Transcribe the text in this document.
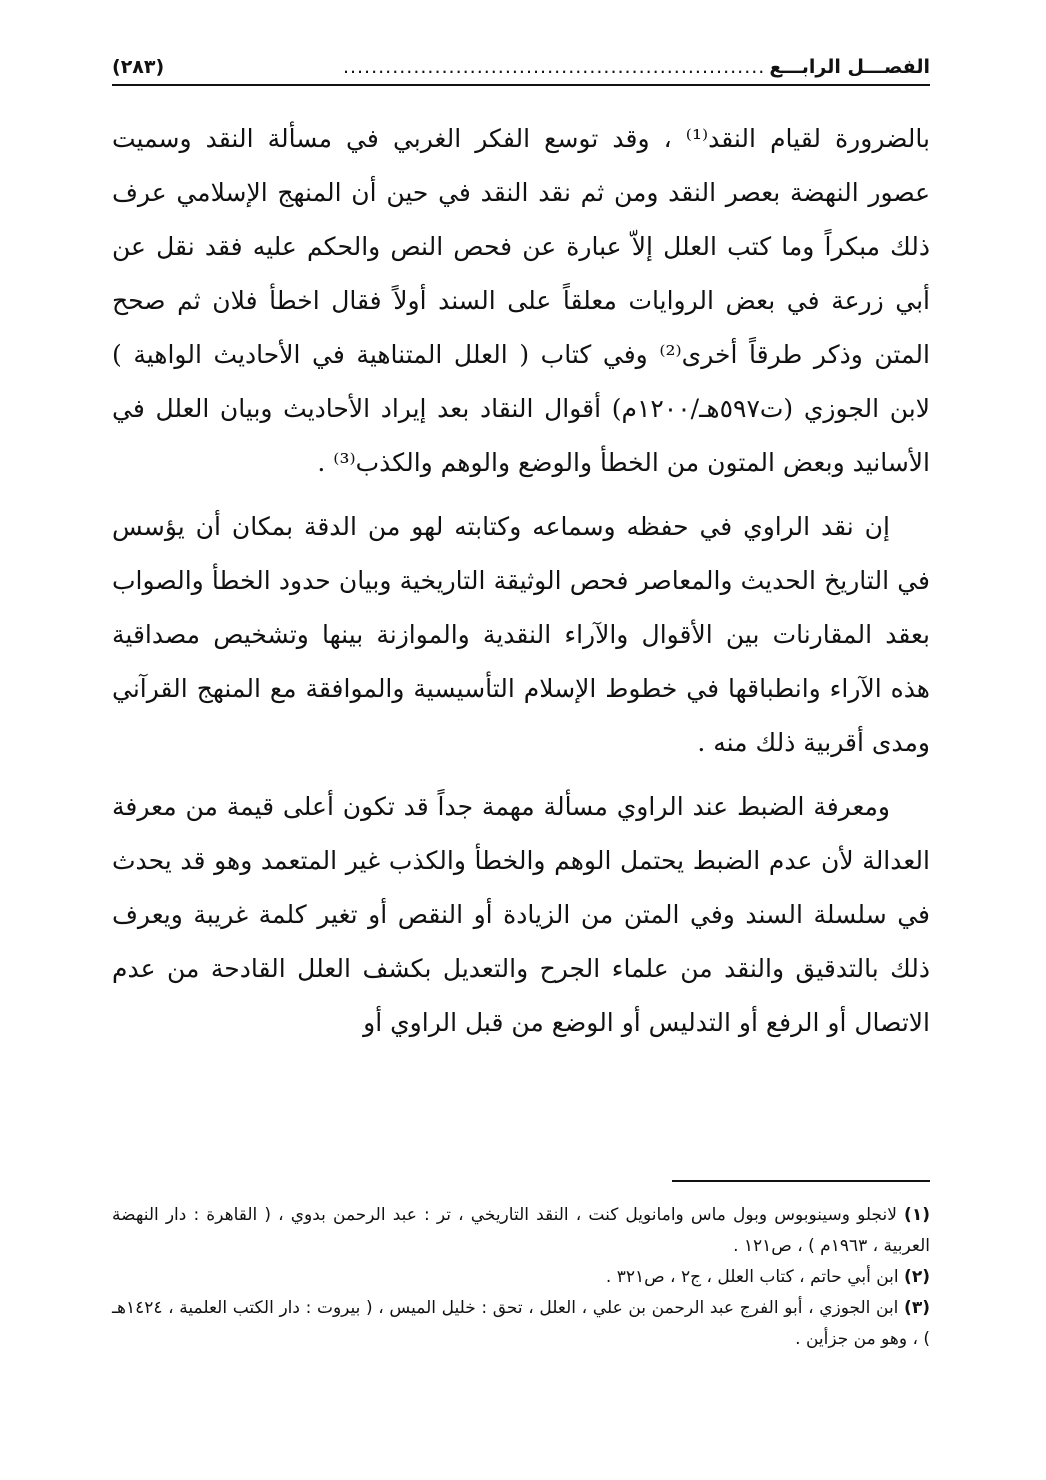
الفصـــل الرابـــع
............................................................
(٢٨٣)

بالضرورة لقيام النقد⁽¹⁾ ، وقد توسع الفكر الغربي في مسألة النقد وسميت عصور النهضة بعصر النقد ومن ثم نقد النقد في حين أن المنهج الإسلامي عرف ذلك مبكراً وما كتب العلل إلاّ عبارة عن فحص النص والحكم عليه فقد نقل عن أبي زرعة في بعض الروايات معلقاً على السند أولاً فقال اخطأ فلان ثم صحح المتن وذكر طرقاً أخرى⁽²⁾ وفي كتاب ( العلل المتناهية في الأحاديث الواهية ) لابن الجوزي (ت٥٩٧هـ/١٢٠٠م) أقوال النقاد بعد إيراد الأحاديث وبيان العلل في الأسانيد وبعض المتون من الخطأ والوضع والوهم والكذب⁽³⁾ .

إن نقد الراوي في حفظه وسماعه وكتابته لهو من الدقة بمكان أن يؤسس في التاريخ الحديث والمعاصر فحص الوثيقة التاريخية وبيان حدود الخطأ والصواب بعقد المقارنات بين الأقوال والآراء النقدية والموازنة بينها وتشخيص مصداقية هذه الآراء وانطباقها في خطوط الإسلام التأسيسية والموافقة مع المنهج القرآني ومدى أقربية ذلك منه .

ومعرفة الضبط عند الراوي مسألة مهمة جداً قد تكون أعلى قيمة من معرفة العدالة لأن عدم الضبط يحتمل الوهم والخطأ والكذب غير المتعمد وهو قد يحدث في سلسلة السند وفي المتن من الزيادة أو النقص أو تغير كلمة غريبة ويعرف ذلك بالتدقيق والنقد من علماء الجرح والتعديل بكشف العلل القادحة من عدم الاتصال أو الرفع أو التدليس أو الوضع من قبل الراوي أو

(١) لانجلو وسينوبوس وبول ماس وامانويل كنت ، النقد التاريخي ، تر : عبد الرحمن بدوي ، ( القاهرة : دار النهضة العربية ، ١٩٦٣م ) ، ص١٢١ .

(٢) ابن أبي حاتم ، كتاب العلل ، ج٢ ، ص٣٢١ .

(٣) ابن الجوزي ، أبو الفرج عبد الرحمن بن علي ، العلل ، تحق : خليل الميس ، ( بيروت : دار الكتب العلمية ، ١٤٢٤هـ ) ، وهو من جزأين .
